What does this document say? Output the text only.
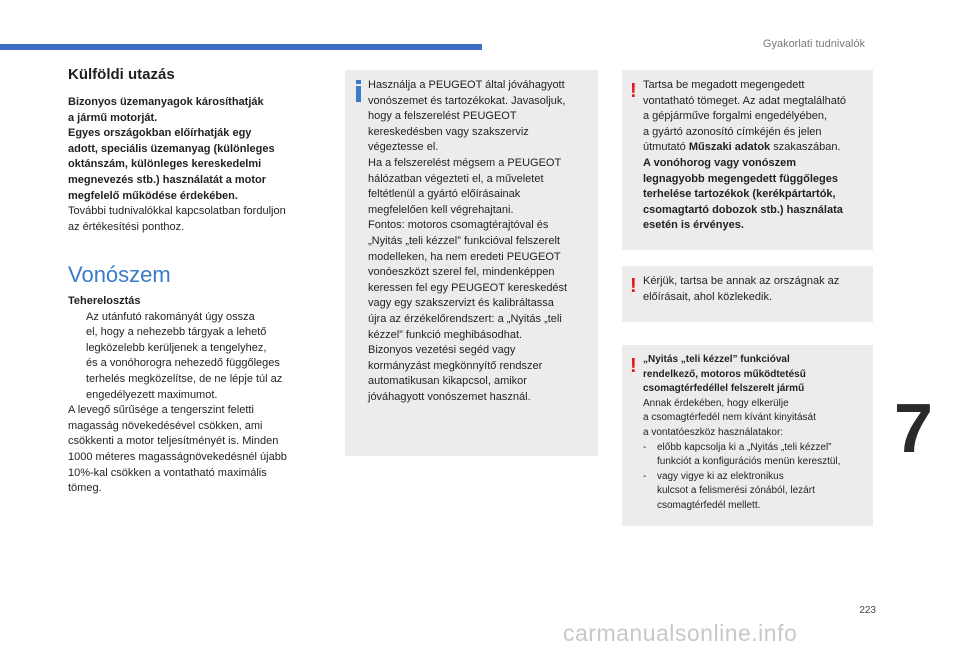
Gyakorlati tudnivalók
7
Külföldi utazás
Bizonyos üzemanyagok károsíthatják
a jármű motorját.
Egyes országokban előírhatják egy
adott, speciális üzemanyag (különleges
oktánszám, különleges kereskedelmi
megnevezés stb.) használatát a motor
megfelelő működése érdekében.
További tudnivalókkal kapcsolatban forduljon
az értékesítési ponthoz.
Vonószem
Teherelosztás
Az utánfutó rakományát úgy ossza
el, hogy a nehezebb tárgyak a lehető
legközelebb kerüljenek a tengelyhez,
és a vonóhorogra nehezedő függőleges
terhelés megközelítse, de ne lépje túl az
engedélyezett maximumot.
A levegő sűrűsége a tengerszint feletti
magasság növekedésével csökken, ami
csökkenti a motor teljesítményét is. Minden
1000 méteres magasságnövekedésnél újabb
10%-kal csökken a vontatható maximális
tömeg.
Használja a PEUGEOT által jóváhagyott
vonószemet és tartozékokat. Javasoljuk,
hogy a felszerelést PEUGEOT
kereskedésben vagy szakszerviz
végeztesse el.
Ha a felszerelést mégsem a PEUGEOT
hálózatban végezteti el, a műveletet
feltétlenül a gyártó előírásainak
megfelelően kell végrehajtani.
Fontos: motoros csomagtérajtóval és
„Nyitás „teli kézzel” funkcióval felszerelt
modelleken, ha nem eredeti PEUGEOT
vonóeszközt szerel fel, mindenképpen
keressen fel egy PEUGEOT kereskedést
vagy egy szakszervizt és kalibráltassa
újra az érzékelőrendszert: a „Nyitás „teli
kézzel” funkció meghibásodhat.
Bizonyos vezetési segéd vagy
kormányzást megkönnyítő rendszer
automatikusan kikapcsol, amikor
jóváhagyott vonószemet használ.
! Tartsa be megadott megengedett
vontatható tömeget. Az adat megtalálható
a gépjárműve forgalmi engedélyében,
a gyártó azonosító címkéjén és jelen
útmutató Műszaki adatok szakaszában.
A vonóhorog vagy vonószem
legnagyobb megengedett függőleges
terhelése tartozékok (kerékpártartók,
csomagtartó dobozok stb.) használata
esetén is érvényes.
! Kérjük, tartsa be annak az országnak az
előírásait, ahol közlekedik.
! „Nyitás „teli kézzel” funkcióval
rendelkező, motoros működtetésű
csomagtérfedéllel felszerelt jármű
Annak érdekében, hogy elkerülje
a csomagtérfedél nem kívánt kinyitását
a vontatóeszköz használatakor:
-	előbb kapcsolja ki a „Nyitás „teli kézzel”
funkciót a konfigurációs menün keresztül,
-	vagy vigye ki az elektronikus
kulcsot a felismerési zónából, lezárt
csomagtérfedél mellett.
223
carmanualsonline.info
